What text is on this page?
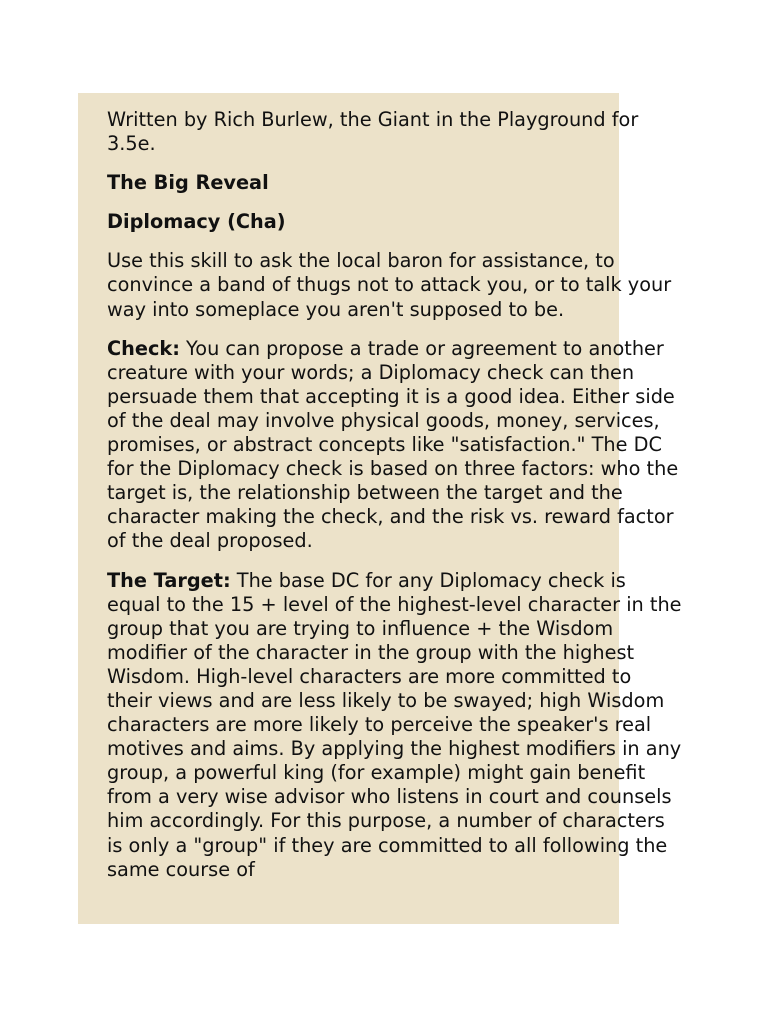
Written by Rich Burlew, the Giant in the Playground for 3.5e.

The Big Reveal

Diplomacy (Cha)

Use this skill to ask the local baron for assistance, to convince a band of thugs not to attack you, or to talk your way into someplace you aren't supposed to be.

Check: You can propose a trade or agreement to another creature with your words; a Diplomacy check can then persuade them that accepting it is a good idea. Either side of the deal may involve physical goods, money, services, promises, or abstract concepts like "satisfaction." The DC for the Diplomacy check is based on three factors: who the target is, the relationship between the target and the character making the check, and the risk vs. reward factor of the deal proposed.

The Target: The base DC for any Diplomacy check is equal to the 15 + level of the highest-level character in the group that you are trying to influence + the Wisdom modifier of the character in the group with the highest Wisdom. High-level characters are more committed to their views and are less likely to be swayed; high Wisdom characters are more likely to perceive the speaker's real motives and aims. By applying the highest modifiers in any group, a powerful king (for example) might gain benefit from a very wise advisor who listens in court and counsels him accordingly. For this purpose, a number of characters is only a "group" if they are committed to all following the same course of
